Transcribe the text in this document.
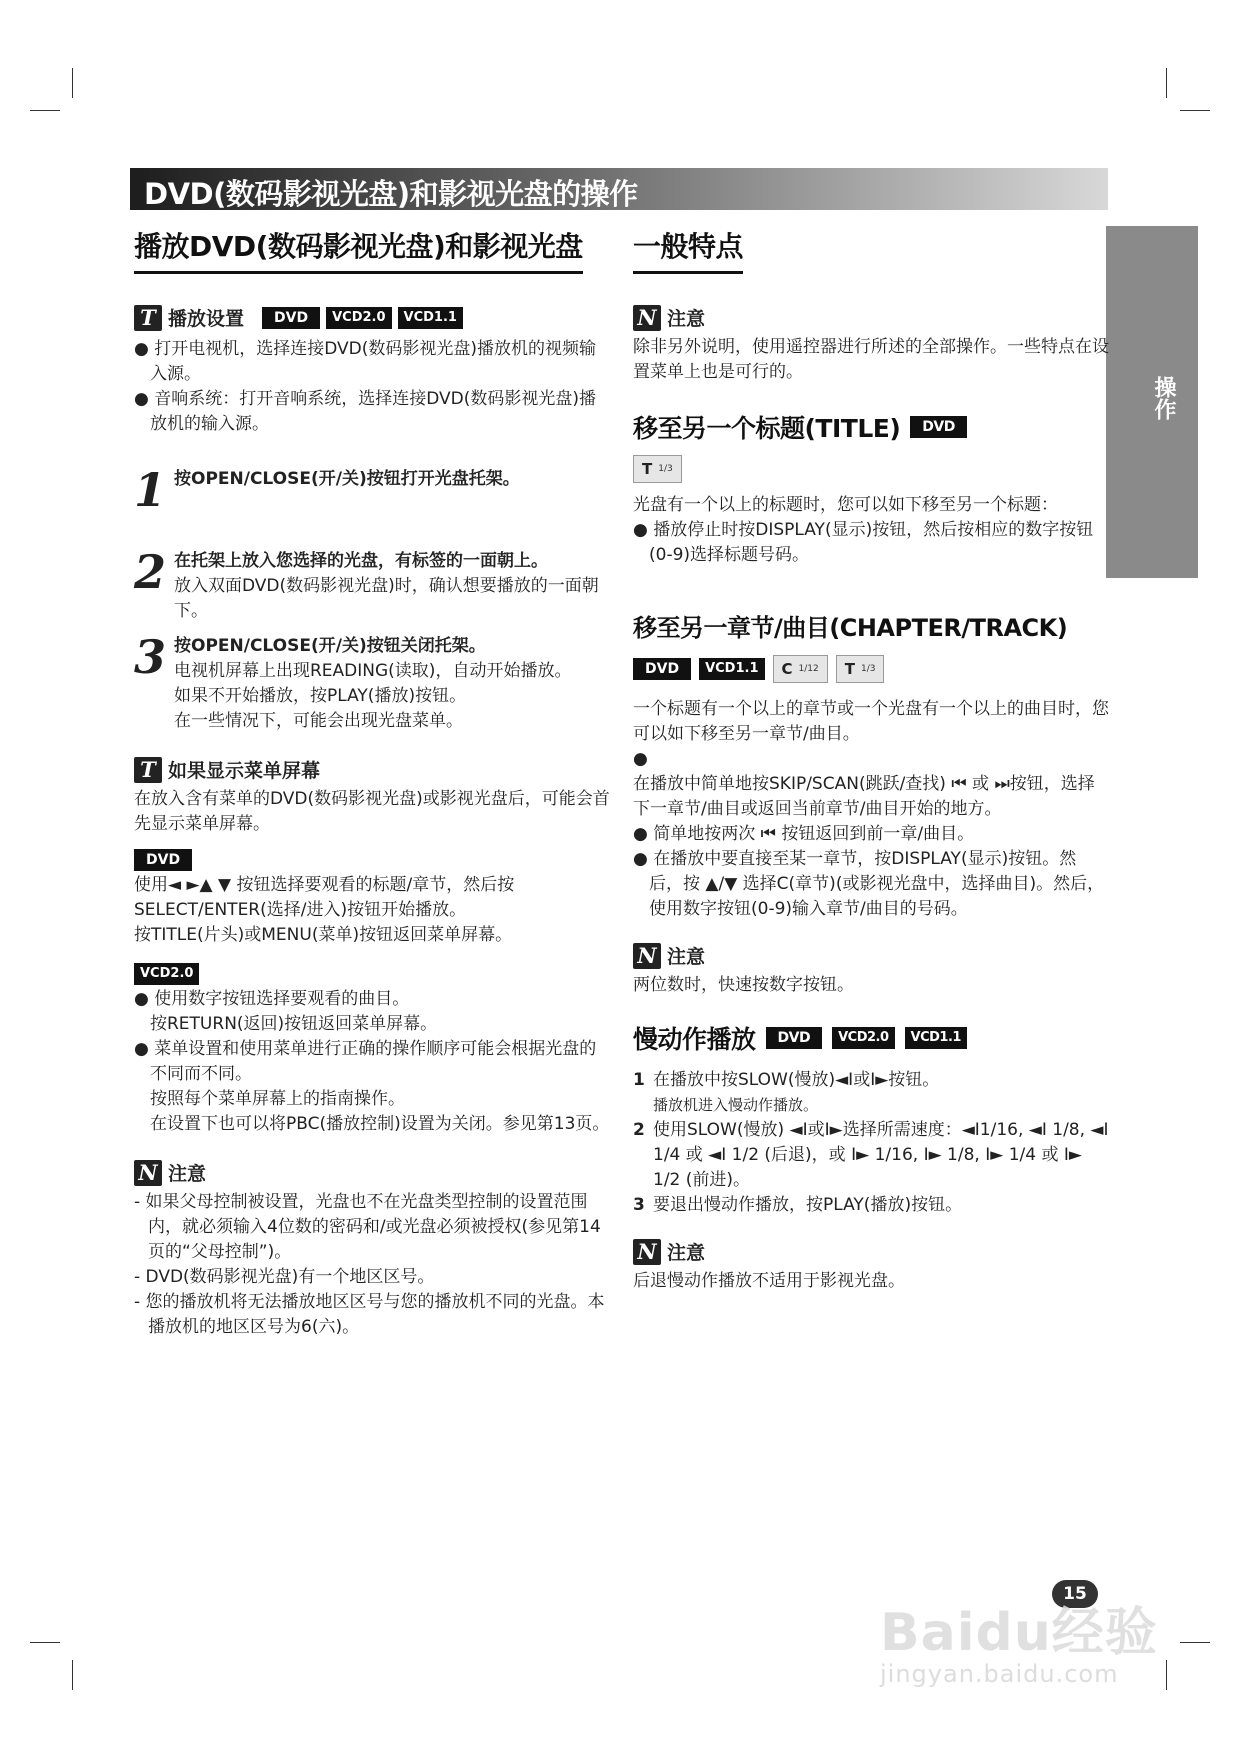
DVD(数码影视光盘)和影视光盘的操作
操作
播放DVD(数码影视光盘)和影视光盘
T 播放设置	DVD	VCD2.0	VCD1.1
● 打开电视机，选择连接DVD(数码影视光盘)播放机的视频输入源。
● 音响系统：打开音响系统，选择连接DVD(数码影视光盘)播放机的输入源。
1 按OPEN/CLOSE(开/关)按钮打开光盘托架。
2 在托架上放入您选择的光盘，有标签的一面朝上。

放入双面DVD(数码影视光盘)时，确认想要播放的一面朝下。

3 按OPEN/CLOSE(开/关)按钮关闭托架。

电视机屏幕上出现READING(读取)，自动开始播放。

如果不开始播放，按PLAY(播放)按钮。

在一些情况下，可能会出现光盘菜单。

T 如果显示菜单屏幕

在放入含有菜单的DVD(数码影视光盘)或影视光盘后，可能会首先显示菜单屏幕。

DVD

使用◄ ►▲ ▼ 按钮选择要观看的标题/章节，然后按SELECT/ENTER(选择/进入)按钮开始播放。

按TITLE(片头)或MENU(菜单)按钮返回菜单屏幕。

VCD2.0
● 使用数字按钮选择要观看的曲目。

按RETURN(返回)按钮返回菜单屏幕。

● 菜单设置和使用菜单进行正确的操作顺序可能会根据光盘的不同而不同。

按照每个菜单屏幕上的指南操作。

在设置下也可以将PBC(播放控制)设置为关闭。参见第13页。

N 注意
- 如果父母控制被设置，光盘也不在光盘类型控制的设置范围内，就必须输入4位数的密码和/或光盘必须被授权(参见第14页的“父母控制”)。
- DVD(数码影视光盘)有一个地区区号。
- 您的播放机将无法播放地区区号与您的播放机不同的光盘。本播放机的地区区号为6(六)。
一般特点
N 注意

除非另外说明，使用遥控器进行所述的全部操作。一些特点在设置菜单上也是可行的。

移至另一个标题(TITLE)	DVD
T 1/3

光盘有一个以上的标题时，您可以如下移至另一个标题：

● 播放停止时按DISPLAY(显示)按钮，然后按相应的数字按钮(0-9)选择标题号码。
移至另一章节/曲目(CHAPTER/TRACK)
DVD	VCD1.1	C 1/12 T 1/3

一个标题有一个以上的章节或一个光盘有一个以上的曲目时，您可以如下移至另一章节/曲目。

●

在播放中简单地按SKIP/SCAN(跳跃/查找) ⏮ 或 ⏭按钮，选择下一章节/曲目或返回当前章节/曲目开始的地方。

● 简单地按两次 ⏮ 按钮返回到前一章/曲目。
● 在播放中要直接至某一章节，按DISPLAY(显示)按钮。然后，按 ▲/▼ 选择C(章节)(或影视光盘中，选择曲目)。然后，使用数字按钮(0-9)输入章节/曲目的号码。
N 注意

两位数时，快速按数字按钮。

慢动作播放	DVD	VCD2.0	VCD1.1
1 在播放中按SLOW(慢放)◄I或I►按钮。
播放机进入慢动作播放。
2 使用SLOW(慢放) ◄I或I►选择所需速度：◄I1/16, ◄I 1/8, ◄I 1/4 或 ◄I 1/2 (后退)，或 I► 1/16, I► 1/8, I► 1/4 或 I► 1/2 (前进)。
3 要退出慢动作播放，按PLAY(播放)按钮。
N 注意

后退慢动作播放不适用于影视光盘。

15
Baidu经验
jingyan.baidu.com
